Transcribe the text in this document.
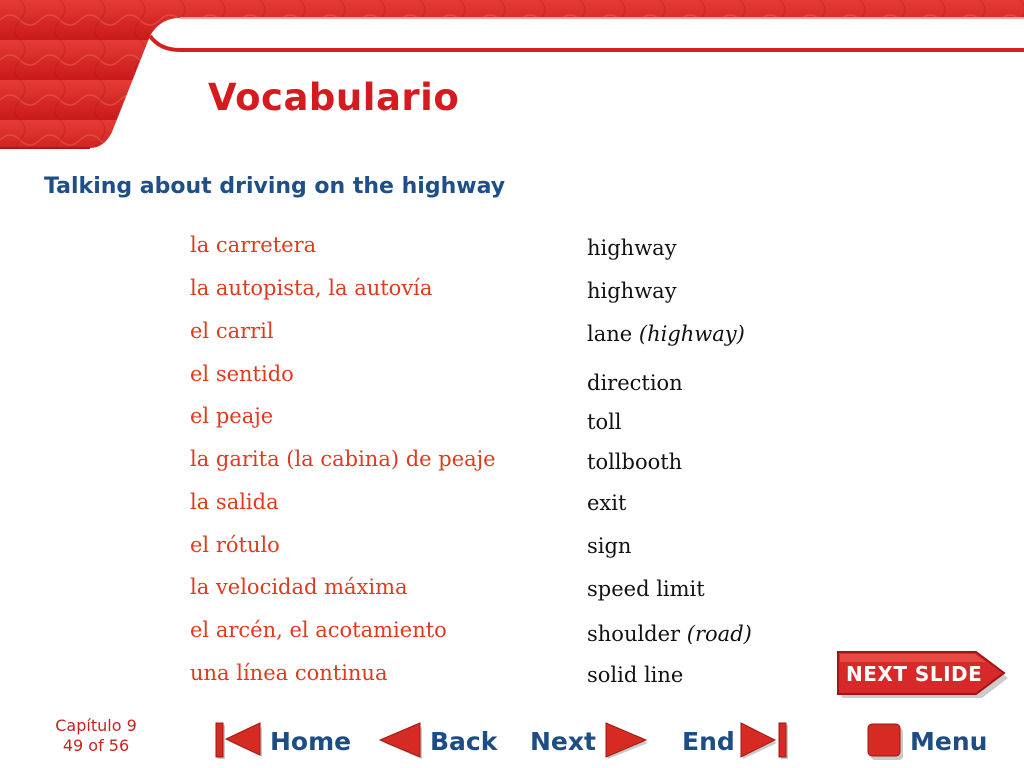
Vocabulario
Talking about driving on the highway
la carretera	highway
la autopista, la autovía	highway
el carril	lane (highway)
el sentido	direction
el peaje	toll
la garita (la cabina) de peaje	tollbooth
la salida	exit
el rótulo	sign
la velocidad máxima	speed limit
el arcén, el acotamiento	shoulder (road)
una línea continua	solid line	NEXT SLIDE
Capítulo 9
49 of 56	Home	Back Next	End	Menu
